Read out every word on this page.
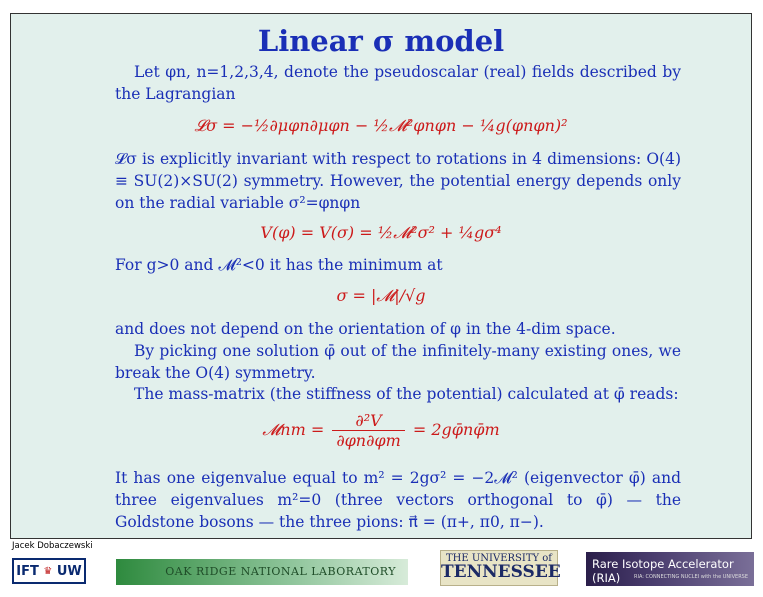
Linear σ model
Let φn, n=1,2,3,4, denote the pseudoscalar (real) fields described by the Lagrangian
𝓛σ = −½∂μφn∂μφn − ½𝓜²φnφn − ¼g(φnφn)²
𝓛σ is explicitly invariant with respect to rotations in 4 dimensions: O(4) ≡ SU(2)×SU(2) symmetry. However, the potential energy depends only on the radial variable σ²=φnφn
V(φ) = V(σ) = ½𝓜²σ² + ¼gσ⁴
For g>0 and 𝓜²<0 it has the minimum at
σ = |𝓜|/√g
and does not depend on the orientation of φ in the 4-dim space.
By picking one solution φ̄ out of the infinitely-many existing ones, we break the O(4) symmetry.
The mass-matrix (the stiffness of the potential) calculated at φ̄ reads:
𝓜nm = $\frac{\text{∂²V}}{\partial\varphi n\partial\varphi m}$ = 2gφ̄nφ̄m
It has one eigenvalue equal to m² = 2gσ² = −2𝓜² (eigenvector φ̄) and three eigenvalues m²=0 (three vectors orthogonal to φ̄) — the Goldstone bosons — the three pions: π⃗ = (π+, π0, π−).
Jacek Dobaczewski
IFT ♛ UW	OAK RIDGE NATIONAL LABORATORY
THE UNIVERSITY of
TENNESSEE	Rare Isotope Accelerator (RIA)	RIA: CONNECTING NUCLEI with the UNIVERSE
